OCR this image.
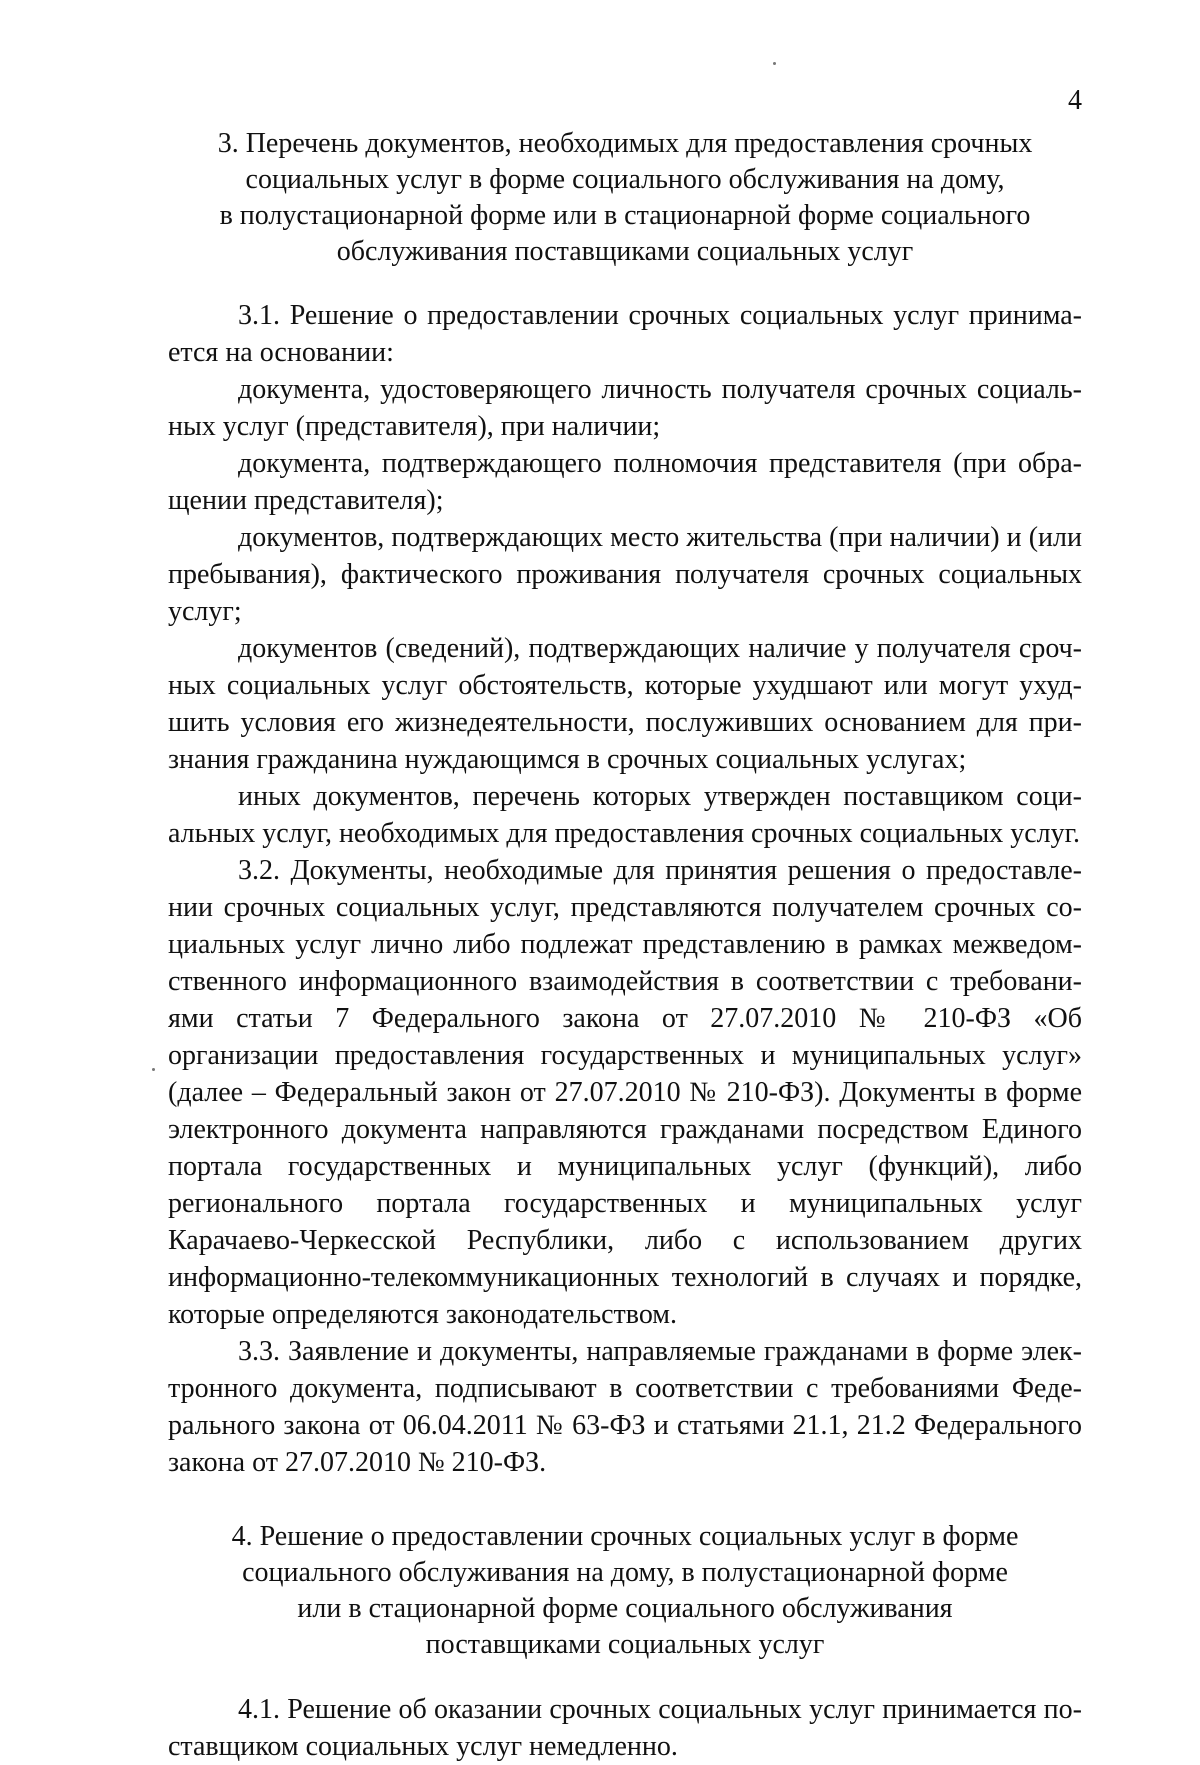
4
3. Перечень документов, необходимых для предоставления срочных
социальных услуг в форме социального обслуживания на дому,
в полустационарной форме или в стационарной форме социального
обслуживания поставщиками социальных услуг

3.1. Решение о предоставлении срочных социальных услуг принимается на основании:

документа, удостоверяющего личность получателя срочных социальных услуг (представителя), при наличии;

документа, подтверждающего полномочия представителя (при обращении представителя);

документов, подтверждающих место жительства (при наличии) и (или пребывания), фактического проживания получателя срочных социальных услуг;

документов (сведений), подтверждающих наличие у получателя срочных социальных услуг обстоятельств, которые ухудшают или могут ухудшить условия его жизнедеятельности, послуживших основанием для признания гражданина нуждающимся в срочных социальных услугах;

иных документов, перечень которых утвержден поставщиком социальных услуг, необходимых для предоставления срочных социальных услуг.

3.2. Документы, необходимые для принятия решения о предоставлении срочных социальных услуг, представляются получателем срочных социальных услуг лично либо подлежат представлению в рамках межведомственного информационного взаимодействия в соответствии с требованиями статьи 7 Федерального закона от 27.07.2010 № 210-ФЗ «Об организации предоставления государственных и муниципальных услуг» (далее – Федеральный закон от 27.07.2010 № 210-ФЗ). Документы в форме электронного документа направляются гражданами посредством Единого портала государственных и муниципальных услуг (функций), либо регионального портала государственных и муниципальных услуг Карачаево-Черкесской Республики, либо с использованием других информационно-телекоммуникационных технологий в случаях и порядке, которые определяются законодательством.

3.3. Заявление и документы, направляемые гражданами в форме электронного документа, подписывают в соответствии с требованиями Федерального закона от 06.04.2011 № 63-ФЗ и статьями 21.1, 21.2 Федерального закона от 27.07.2010 № 210-ФЗ.

4. Решение о предоставлении срочных социальных услуг в форме
социального обслуживания на дому, в полустационарной форме
или в стационарной форме социального обслуживания
поставщиками социальных услуг

4.1. Решение об оказании срочных социальных услуг принимается поставщиком социальных услуг немедленно.
